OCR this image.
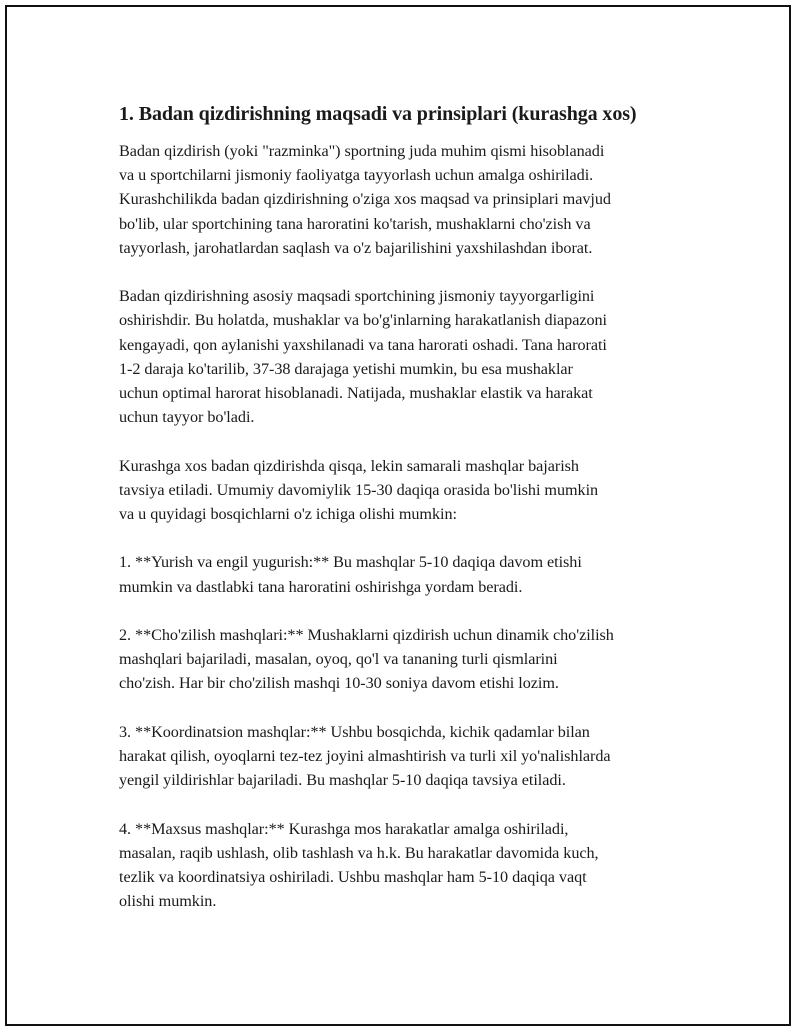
1. Badan qizdirishning maqsadi va prinsiplari (kurashga xos)

Badan qizdirish (yoki "razminka") sportning juda muhim qismi hisoblanadi
va u sportchilarni jismoniy faoliyatga tayyorlash uchun amalga oshiriladi.
Kurashchilikda badan qizdirishning o'ziga xos maqsad va prinsiplari mavjud
bo'lib, ular sportchining tana haroratini ko'tarish, mushaklarni cho'zish va
tayyorlash, jarohatlardan saqlash va o'z bajarilishini yaxshilashdan iborat.

Badan qizdirishning asosiy maqsadi sportchining jismoniy tayyorgarligini
oshirishdir. Bu holatda, mushaklar va bo'g'inlarning harakatlanish diapazoni
kengayadi, qon aylanishi yaxshilanadi va tana harorati oshadi. Tana harorati
1-2 daraja ko'tarilib, 37-38 darajaga yetishi mumkin, bu esa mushaklar
uchun optimal harorat hisoblanadi. Natijada, mushaklar elastik va harakat
uchun tayyor bo'ladi.

Kurashga xos badan qizdirishda qisqa, lekin samarali mashqlar bajarish
tavsiya etiladi. Umumiy davomiylik 15-30 daqiqa orasida bo'lishi mumkin
va u quyidagi bosqichlarni o'z ichiga olishi mumkin:

1. **Yurish va engil yugurish:** Bu mashqlar 5-10 daqiqa davom etishi
mumkin va dastlabki tana haroratini oshirishga yordam beradi.

2. **Cho'zilish mashqlari:** Mushaklarni qizdirish uchun dinamik cho'zilish
mashqlari bajariladi, masalan, oyoq, qo'l va tananing turli qismlarini
cho'zish. Har bir cho'zilish mashqi 10-30 soniya davom etishi lozim.

3. **Koordinatsion mashqlar:** Ushbu bosqichda, kichik qadamlar bilan
harakat qilish, oyoqlarni tez-tez joyini almashtirish va turli xil yo'nalishlarda
yengil yildirishlar bajariladi. Bu mashqlar 5-10 daqiqa tavsiya etiladi.

4. **Maxsus mashqlar:** Kurashga mos harakatlar amalga oshiriladi,
masalan, raqib ushlash, olib tashlash va h.k. Bu harakatlar davomida kuch,
tezlik va koordinatsiya oshiriladi. Ushbu mashqlar ham 5-10 daqiqa vaqt
olishi mumkin.
